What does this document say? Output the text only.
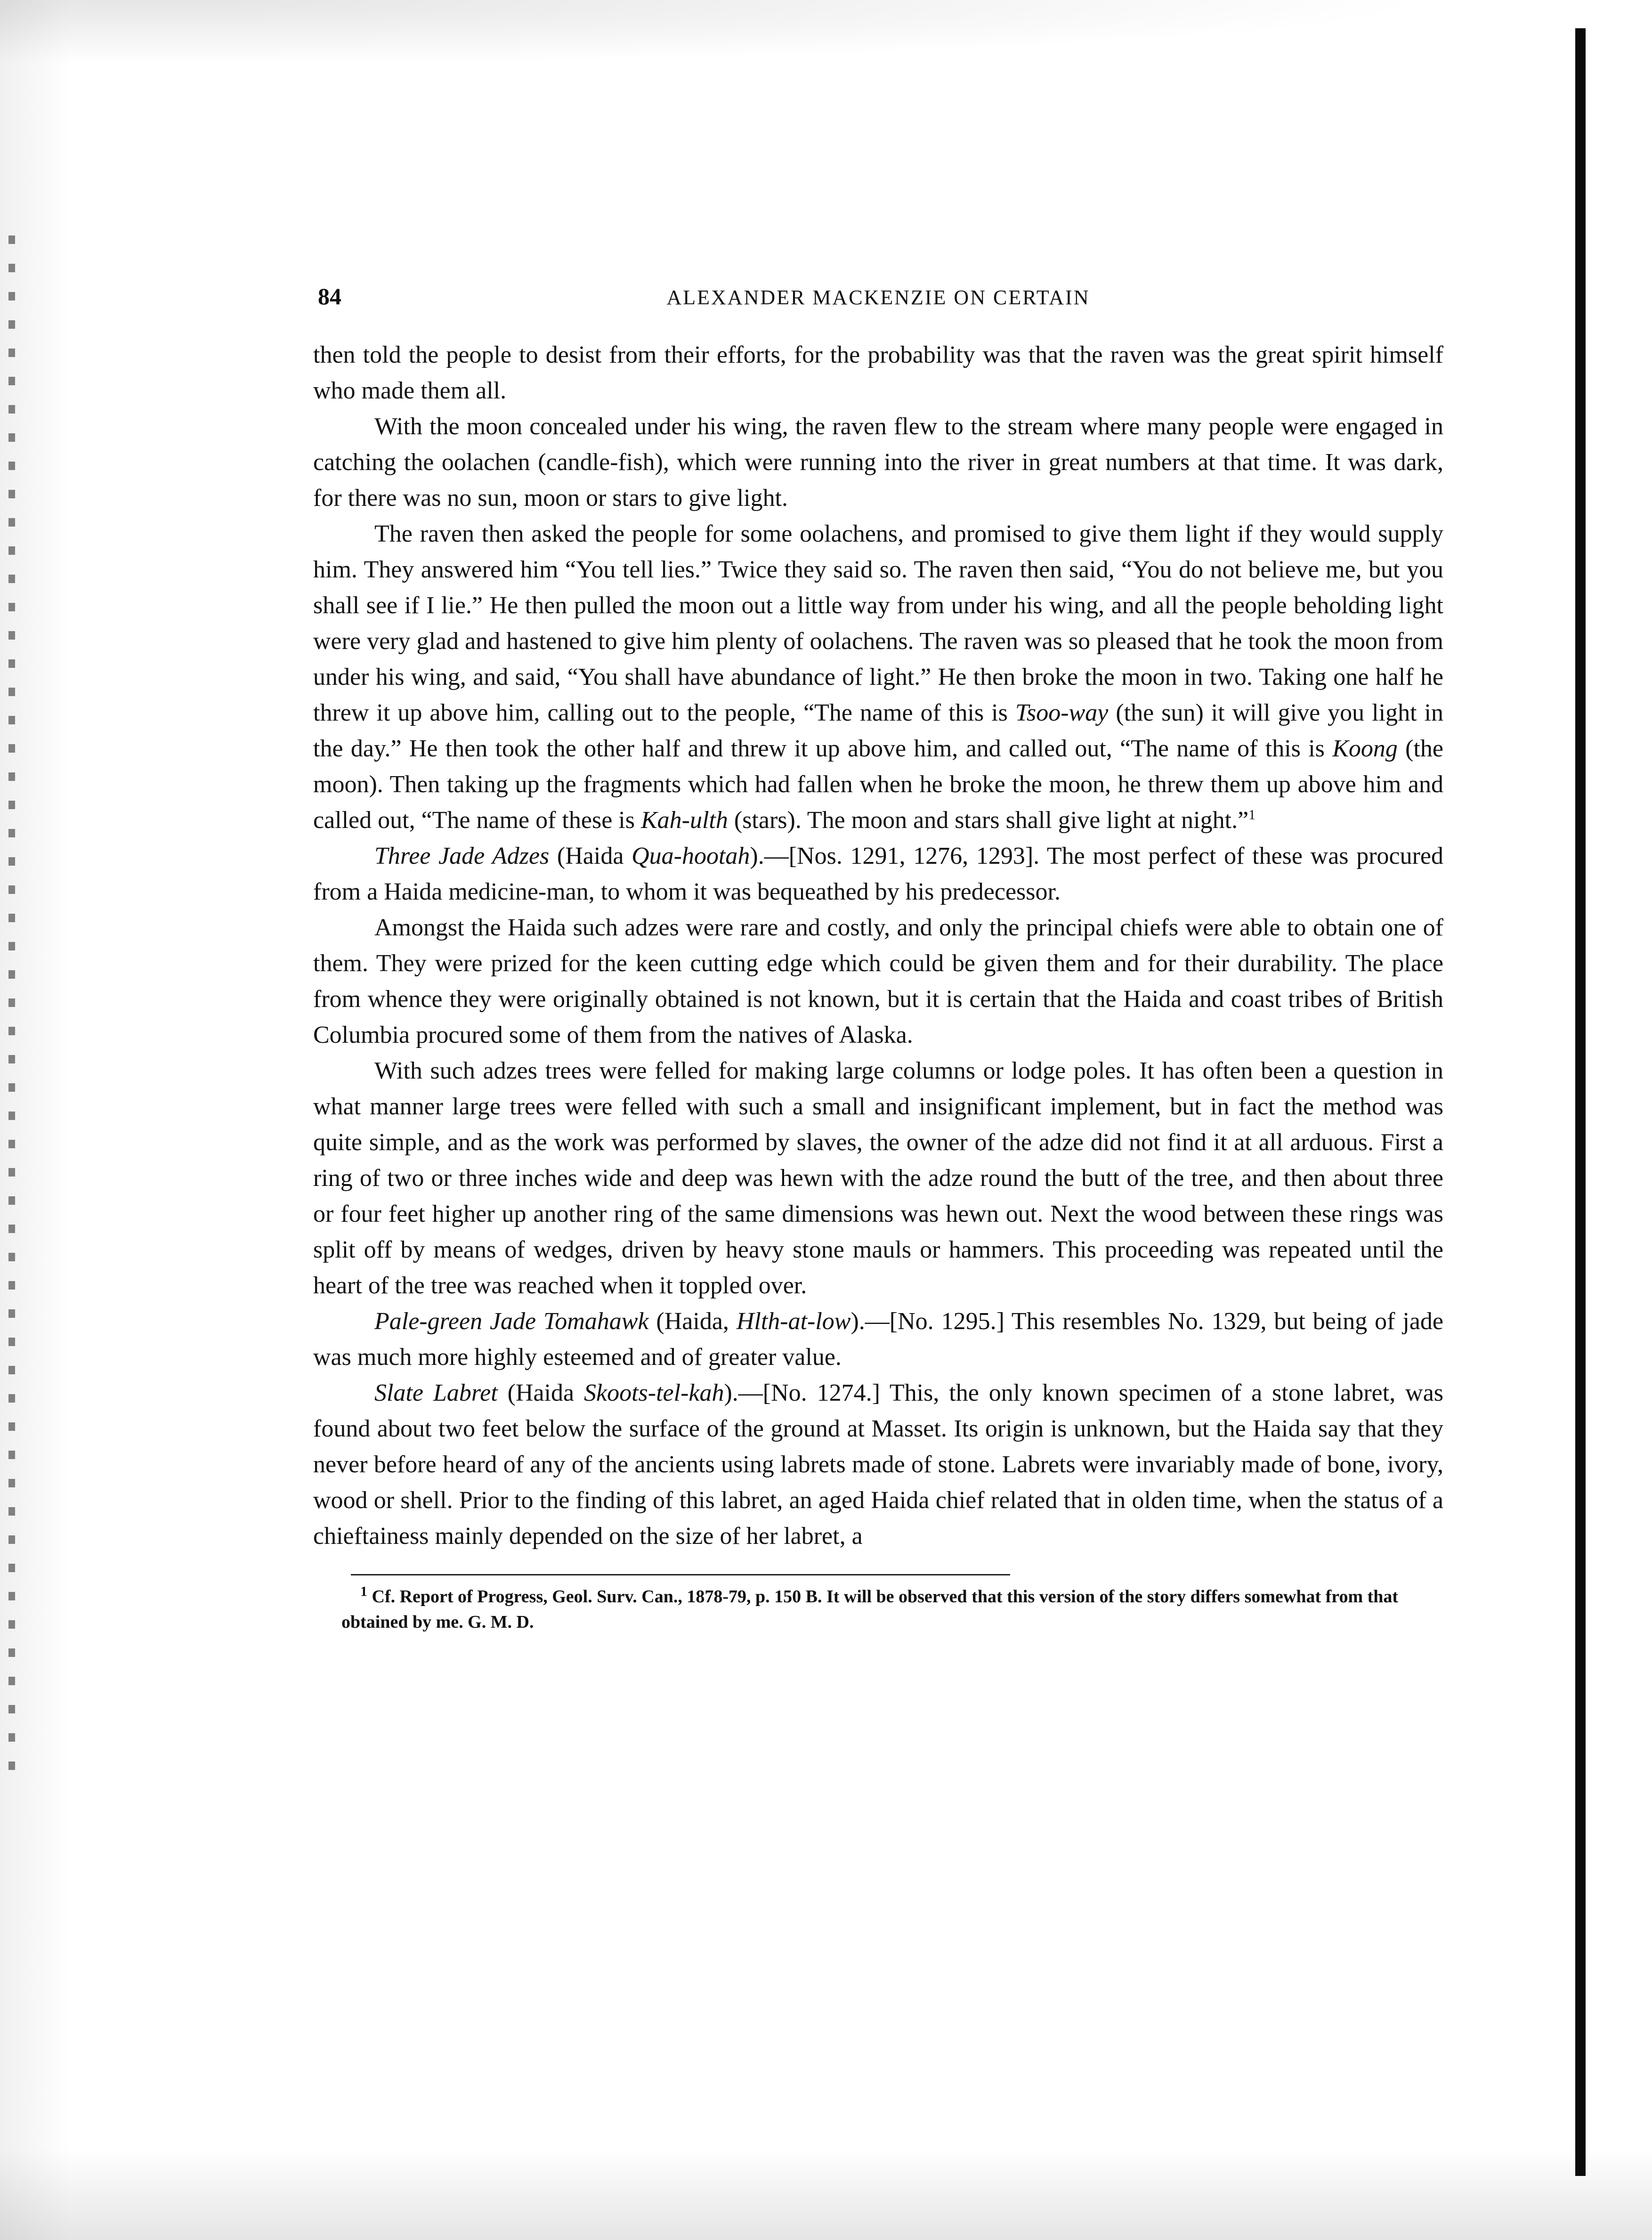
84	ALEXANDER MACKENZIE ON CERTAIN

then told the people to desist from their efforts, for the probability was that the raven was the great spirit himself who made them all.

With the moon concealed under his wing, the raven flew to the stream where many people were engaged in catching the oolachen (candle-fish), which were running into the river in great numbers at that time. It was dark, for there was no sun, moon or stars to give light.

The raven then asked the people for some oolachens, and promised to give them light if they would supply him. They answered him “You tell lies.” Twice they said so. The raven then said, “You do not believe me, but you shall see if I lie.” He then pulled the moon out a little way from under his wing, and all the people beholding light were very glad and hastened to give him plenty of oolachens. The raven was so pleased that he took the moon from under his wing, and said, “You shall have abundance of light.” He then broke the moon in two. Taking one half he threw it up above him, calling out to the people, “The name of this is Tsoo-way (the sun) it will give you light in the day.” He then took the other half and threw it up above him, and called out, “The name of this is Koong (the moon). Then taking up the fragments which had fallen when he broke the moon, he threw them up above him and called out, “The name of these is Kah-ulth (stars). The moon and stars shall give light at night.”$^1$

Three Jade Adzes (Haida Qua-hootah).—[Nos. 1291, 1276, 1293]. The most perfect of these was procured from a Haida medicine-man, to whom it was bequeathed by his predecessor.

Amongst the Haida such adzes were rare and costly, and only the principal chiefs were able to obtain one of them. They were prized for the keen cutting edge which could be given them and for their durability. The place from whence they were originally obtained is not known, but it is certain that the Haida and coast tribes of British Columbia procured some of them from the natives of Alaska.

With such adzes trees were felled for making large columns or lodge poles. It has often been a question in what manner large trees were felled with such a small and insignificant implement, but in fact the method was quite simple, and as the work was performed by slaves, the owner of the adze did not find it at all arduous. First a ring of two or three inches wide and deep was hewn with the adze round the butt of the tree, and then about three or four feet higher up another ring of the same dimensions was hewn out. Next the wood between these rings was split off by means of wedges, driven by heavy stone mauls or hammers. This proceeding was repeated until the heart of the tree was reached when it toppled over.

Pale-green Jade Tomahawk (Haida, Hlth-at-low).—[No. 1295.] This resembles No. 1329, but being of jade was much more highly esteemed and of greater value.

Slate Labret (Haida Skoots-tel-kah).—[No. 1274.] This, the only known specimen of a stone labret, was found about two feet below the surface of the ground at Masset. Its origin is unknown, but the Haida say that they never before heard of any of the ancients using labrets made of stone. Labrets were invariably made of bone, ivory, wood or shell. Prior to the finding of this labret, an aged Haida chief related that in olden time, when the status of a chieftainess mainly depended on the size of her labret, a

$^1$ Cf. Report of Progress, Geol. Surv. Can., 1878-79, p. 150 B. It will be observed that this version of the story differs somewhat from that obtained by me. G. M. D.
